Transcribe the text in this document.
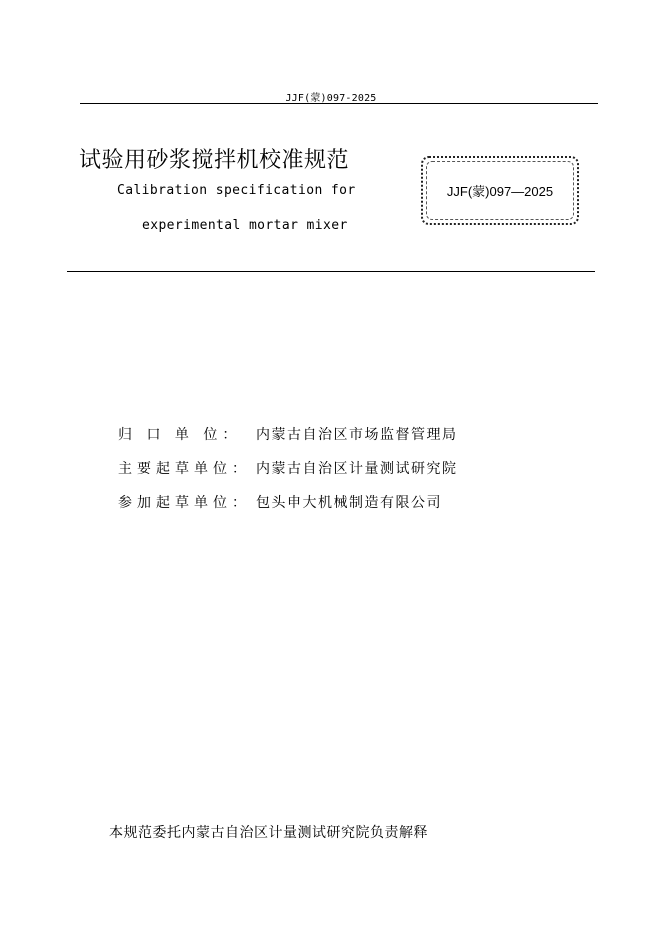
JJF(蒙)097-2025
试验用砂浆搅拌机校准规范
Calibration specification for
experimental mortar mixer
JJF(蒙)097—2025
归 口 单 位：	内蒙古自治区市场监督管理局
主要起草单位： 内蒙古自治区计量测试研究院
参加起草单位： 包头申大机械制造有限公司
本规范委托内蒙古自治区计量测试研究院负责解释
